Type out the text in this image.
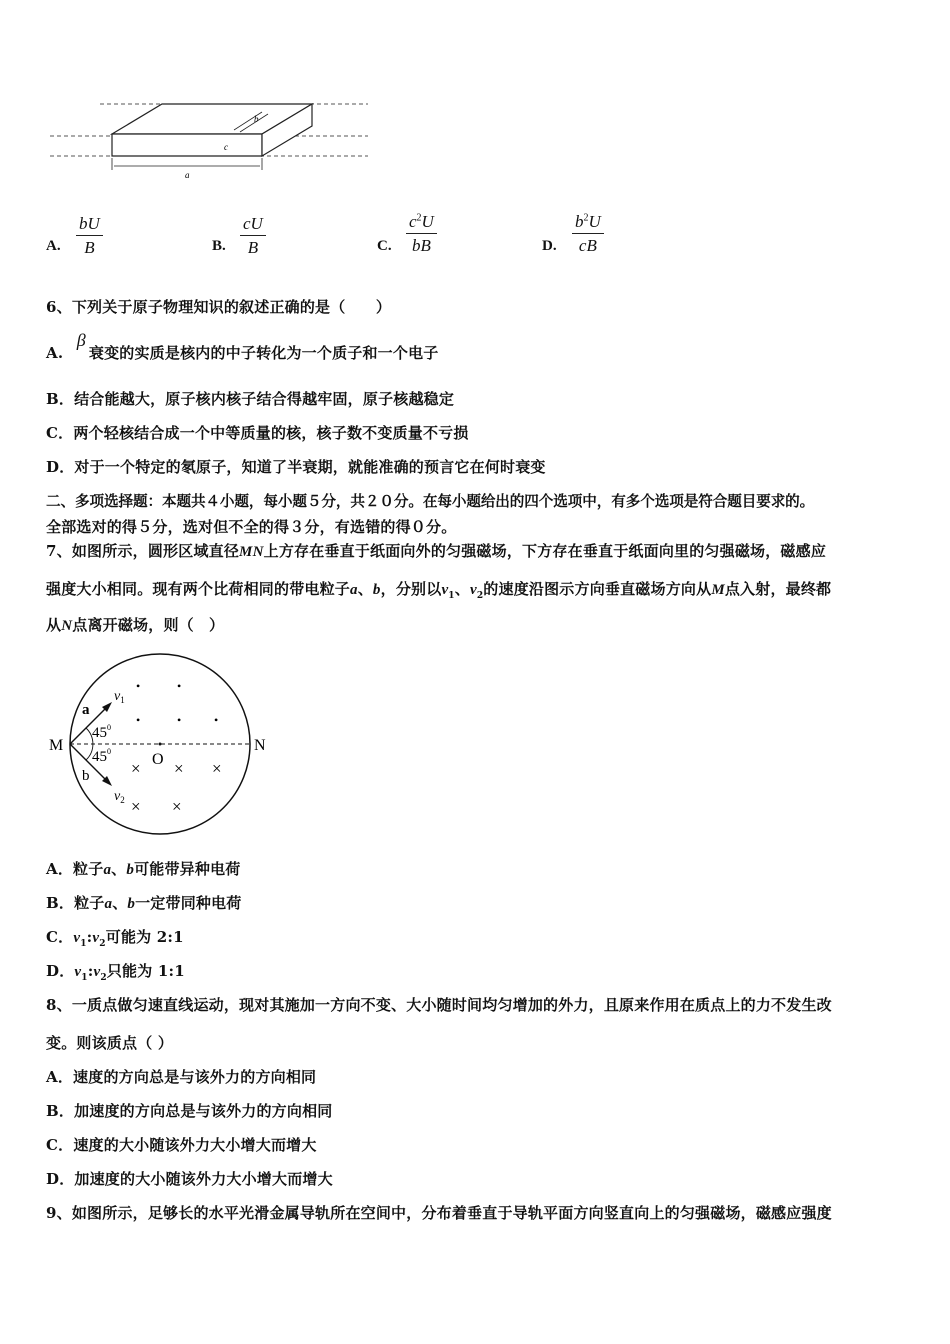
a
b
c
A. $\frac{bU}{B}$	B. $\frac{cU}{B}$	C. $\frac{c^2U}{bB}$	D. $\frac{b^2U}{cB}$
6、下列关于原子物理知识的叙述正确的是（　　）
A. β衰变的实质是核内的中子转化为一个质子和一个电子
B．结合能越大，原子核内核子结合得越牢固，原子核越稳定
C．两个轻核结合成一个中等质量的核，核子数不变质量不亏损
D．对于一个特定的氡原子，知道了半衰期，就能准确的预言它在何时衰变
二、多项选择题：本题共４小题，每小题５分，共２０分。在每小题给出的四个选项中，有多个选项是符合题目要求的。
全部选对的得５分，选对但不全的得３分，有选错的得０分。
7、如图所示，圆形区域直径MN上方存在垂直于纸面向外的匀强磁场，下方存在垂直于纸面向里的匀强磁场，磁感应
强度大小相同。现有两个比荷相同的带电粒子a、b，分别以$v_1$、$v_2$的速度沿图示方向垂直磁场方向从M点入射，最终都
从N点离开磁场，则（　）
M	N
O
a
b
$v_1$
$v_2$
$45^0$
$45^0$
•	•
•	•	•
× × ×
× ×
A．粒子a、b可能带异种电荷
B．粒子a、b一定带同种电荷
C．$v_1:v_2$可能为 2:1
D．$v_1:v_2$只能为 1:1
8、一质点做匀速直线运动，现对其施加一方向不变、大小随时间均匀增加的外力，且原来作用在质点上的力不发生改
变。则该质点（ ）
A．速度的方向总是与该外力的方向相同
B．加速度的方向总是与该外力的方向相同
C．速度的大小随该外力大小增大而增大
D．加速度的大小随该外力大小增大而增大
9、如图所示，足够长的水平光滑金属导轨所在空间中，分布着垂直于导轨平面方向竖直向上的匀强磁场，磁感应强度
